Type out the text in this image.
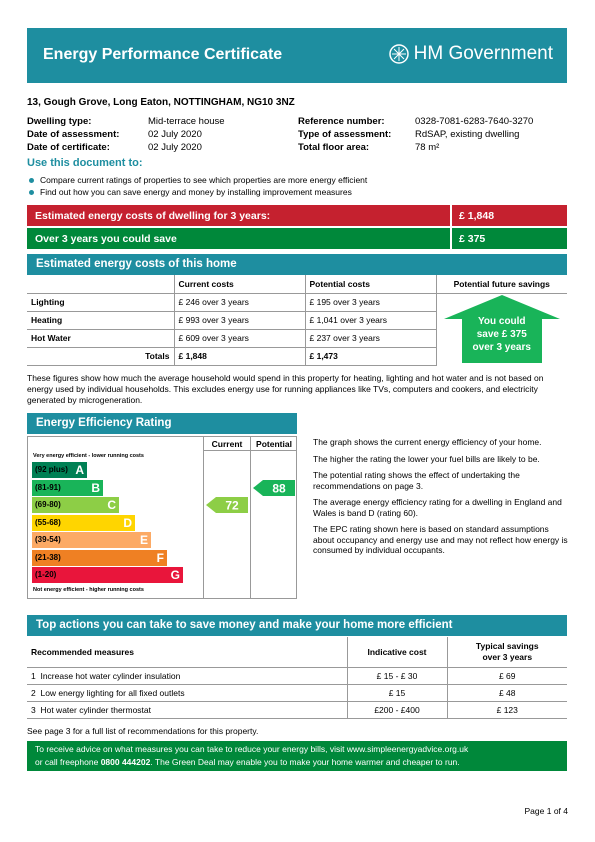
Energy Performance Certificate	HM Government
13, Gough Grove, Long Eaton, NOTTINGHAM, NG10 3NZ
Dwelling type:	Mid-terrace house
Date of assessment:	02 July 2020
Date of certificate:	02 July 2020
Reference number:	0328-7081-6283-7640-3270
Type of assessment: RdSAP, existing dwelling
Total floor area:	78 m²
Use this document to:
Compare current ratings of properties to see which properties are more energy efficient
Find out how you can save energy and money by installing improvement measures
Estimated energy costs of dwelling for 3 years:	£ 1,848
Over 3 years you could save	£ 375
Estimated energy costs of this home
	Current costs	Potential costs	Potential future savings
Lighting	£ 246 over 3 years	£ 195 over 3 years	You could
save £ 375
over 3 years

Heating	£ 993 over 3 years	£ 1,041 over 3 years	
Hot Water	£ 609 over 3 years	£ 237 over 3 years	
Totals	£ 1,848	£ 1,473	
These figures show how much the average household would spend in this property for heating, lighting and hot water and is not based on energy used by individual households. This excludes energy use for running appliances like TVs, computers and cookers, and electricity generated by microgeneration.
Energy Efficiency Rating
Current	Potential
Very energy efficient - lower running costs
Not energy efficient - higher running costs
(92 plus) A
(81-91)	B
(69-80)	C
(55-68)	D
(39-54)	E
(21-38)	F
(1-20)	G
72
88
The graph shows the current energy efficiency of your home.
The higher the rating the lower your fuel bills are likely to be.
The potential rating shows the effect of undertaking the recommendations on page 3.
The average energy efficiency rating for a dwelling in England and Wales is band D (rating 60).
The EPC rating shown here is based on standard assumptions about occupancy and energy use and may not reflect how energy is consumed by individual occupants.
Top actions you can take to save money and make your home more efficient
Recommended measures	Indicative cost	Typical savings
over 3 years

1 Increase hot water cylinder insulation	£ 15 - £ 30	£ 69
2 Low energy lighting for all fixed outlets	£ 15	£ 48
3 Hot water cylinder thermostat	£200 - £400	£ 123
See page 3 for a full list of recommendations for this property.
To receive advice on what measures you can take to reduce your energy bills, visit www.simpleenergyadvice.org.uk
or call freephone 0800 444202. The Green Deal may enable you to make your home warmer and cheaper to run.
Page 1 of 4
